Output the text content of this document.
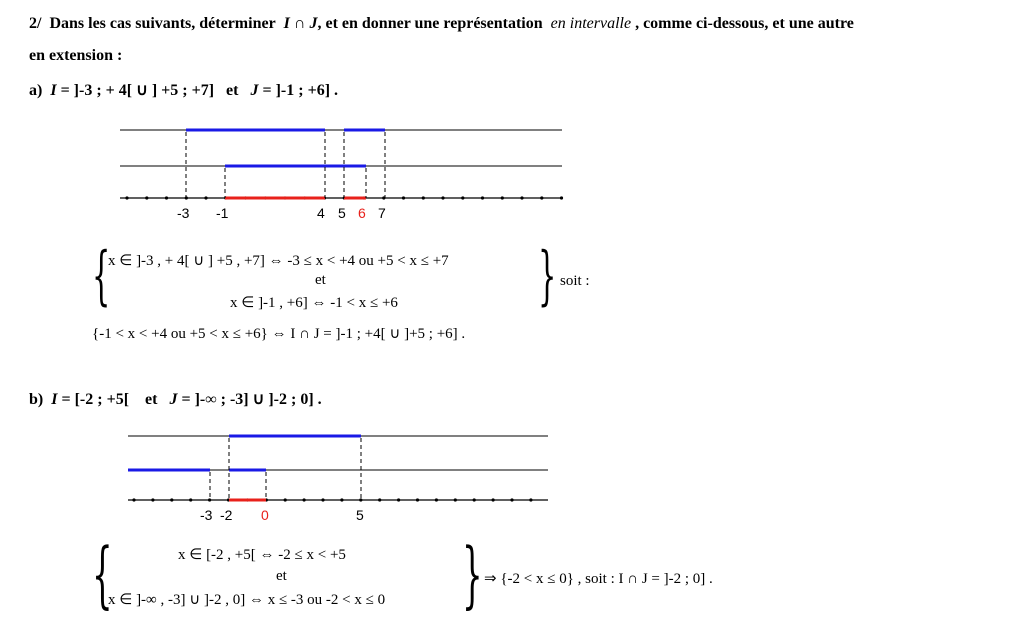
2/ Dans les cas suivants, déterminer I ∩ J, et en donner une représentation en intervalle , comme ci-dessous, et une autre
en extension :
a) I = ]-3 ; + 4[ ∪ ] +5 ; +7] et J = ]-1 ; +6] .
-3 -1	4 5 6 7
{
x ∈ ]-3 , + 4[ ∪ ] +5 , +7] ⇔ -3 ≤ x < +4 ou +5 < x ≤ +7
et
x ∈ ]-1 , +6] ⇔ -1 < x ≤ +6 } soit :
{-1 < x < +4 ou +5 < x ≤ +6} ⇔ I ∩ J = ]-1 ; +4[ ∪ ]+5 ; +6] .
b) I = [-2 ; +5[ et J = ]-∞ ; -3] ∪ ]-2 ; 0] .
-3 -2 0	5
{	x ∈ [-2 , +5[ ⇔ -2 ≤ x < +5
et
x ∈ ]-∞ , -3] ∪ ]-2 , 0] ⇔ x ≤ -3 ou -2 < x ≤ 0 } ⇒ {-2 < x ≤ 0} , soit : I ∩ J = ]-2 ; 0] .
